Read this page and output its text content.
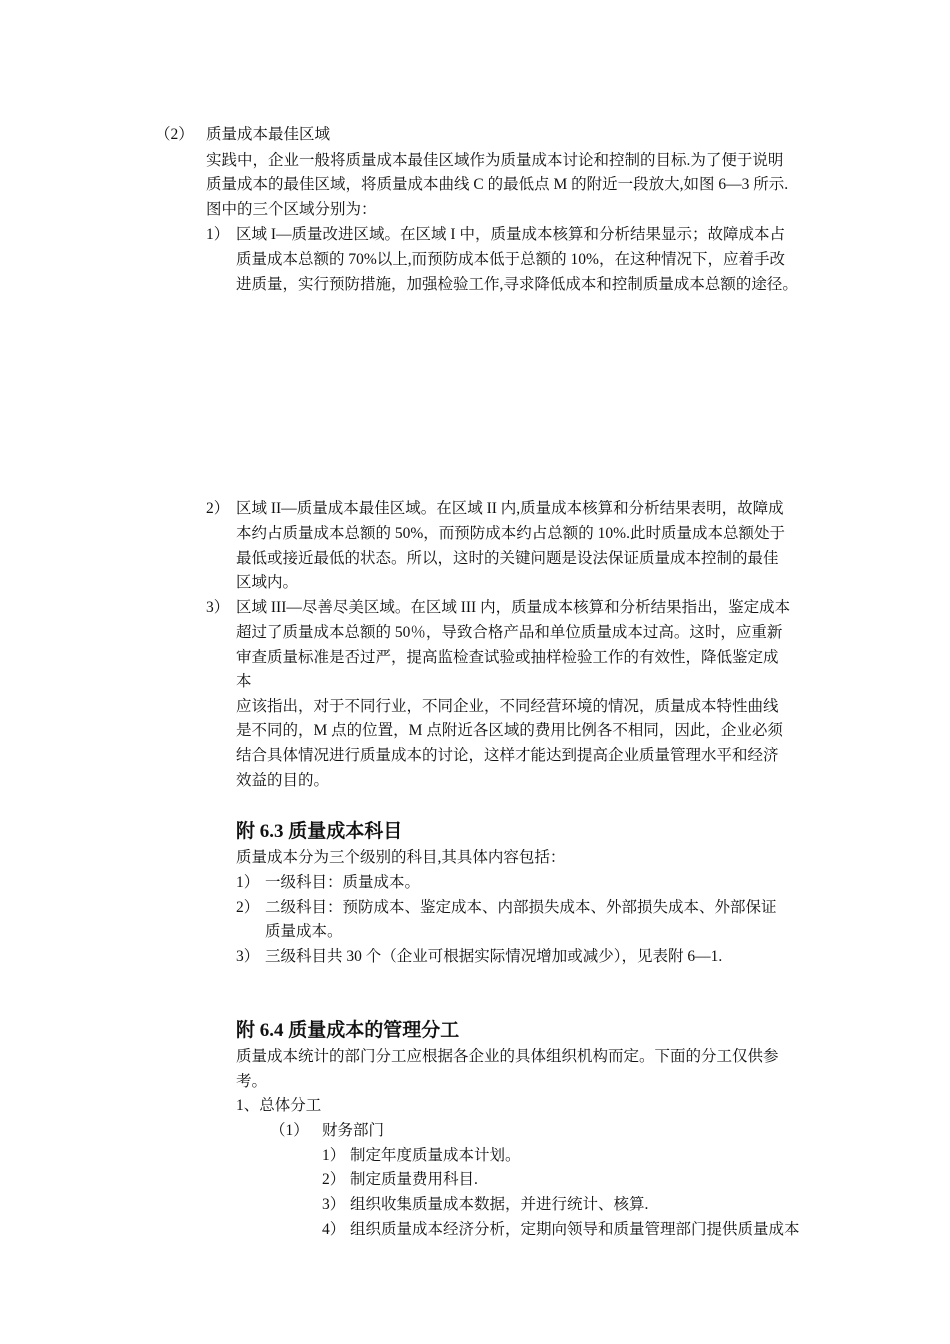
（2） 质量成本最佳区域
实践中，企业一般将质量成本最佳区域作为质量成本讨论和控制的目标.为了便于说明
质量成本的最佳区域，将质量成本曲线 C 的最低点 M 的附近一段放大,如图 6—3 所示.
图中的三个区域分别为：
1） 区域 I—质量改进区域。在区域 I 中，质量成本核算和分析结果显示；故障成本占
质量成本总额的 70%以上,而预防成本低于总额的 10%，在这种情况下，应着手改
进质量，实行预防措施，加强检验工作,寻求降低成本和控制质量成本总额的途径。
2） 区域 II—质量成本最佳区域。在区域 II 内,质量成本核算和分析结果表明，故障成
本约占质量成本总额的 50%，而预防成本约占总额的 10%.此时质量成本总额处于
最低或接近最低的状态。所以，这时的关键问题是设法保证质量成本控制的最佳
区域内。
3） 区域 III—尽善尽美区域。在区域 III 内，质量成本核算和分析结果指出，鉴定成本
超过了质量成本总额的 50％，导致合格产品和单位质量成本过高。这时，应重新
审查质量标准是否过严，提高监检查试验或抽样检验工作的有效性，降低鉴定成
本
应该指出，对于不同行业，不同企业，不同经营环境的情况，质量成本特性曲线
是不同的，M 点的位置，M 点附近各区域的费用比例各不相同，因此，企业必须
结合具体情况进行质量成本的讨论，这样才能达到提高企业质量管理水平和经济
效益的目的。
附 6.3 质量成本科目
质量成本分为三个级别的科目,其具体内容包括：
1） 一级科目：质量成本。
2） 二级科目：预防成本、鉴定成本、内部损失成本、外部损失成本、外部保证
质量成本。
3） 三级科目共 30 个（企业可根据实际情况增加或减少），见表附 6—1.
附 6.4 质量成本的管理分工
质量成本统计的部门分工应根据各企业的具体组织机构而定。下面的分工仅供参
考。
1、总体分工
（1） 财务部门
1） 制定年度质量成本计划。
2） 制定质量费用科目.
3） 组织收集质量成本数据，并进行统计、核算.
4） 组织质量成本经济分析，定期向领导和质量管理部门提供质量成本
